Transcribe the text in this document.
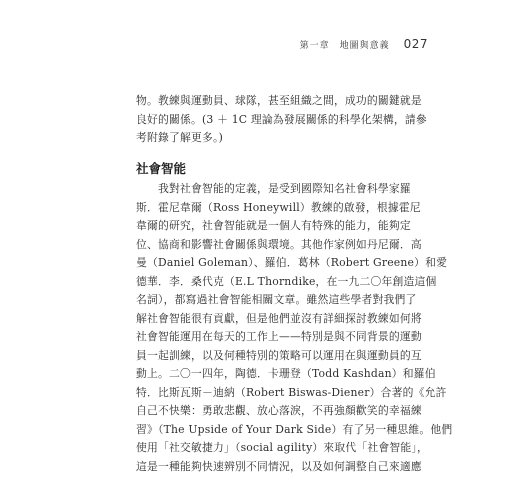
第一章　地圖與意義 027
物。教練與運動員、球隊，甚至組織之間，成功的關鍵就是
良好的關係。(3 ＋ 1C 理論為發展關係的科學化架構，請參
考附錄了解更多。)
社會智能
我對社會智能的定義，是受到國際知名社會科學家羅
斯．霍尼韋爾（Ross Honeywill）教練的啟發，根據霍尼
韋爾的研究，社會智能就是一個人有特殊的能力，能夠定
位、協商和影響社會關係與環境。其他作家例如丹尼爾．高
曼（Daniel Goleman）、羅伯．葛林（Robert Greene）和愛
德華．李．桑代克（E.L Thorndike，在一九二〇年創造這個
名詞），都寫過社會智能相關文章。雖然這些學者對我們了
解社會智能很有貢獻，但是他們並沒有詳細探討教練如何將
社會智能運用在每天的工作上——特別是與不同背景的運動
員一起訓練，以及何種特別的策略可以運用在與運動員的互
動上。二〇一四年，陶德．卡珊登（Todd Kashdan）和羅伯
特．比斯瓦斯－迪納（Robert Biswas-Diener）合著的《允許
自己不快樂：勇敢悲觀、放心落淚，不再強顏歡笑的幸福練
習》（The Upside of Your Dark Side）有了另一種思維。他們
使用「社交敏捷力」（social agility）來取代「社會智能」，
這是一種能夠快速辨別不同情況，以及如何調整自己來適應
